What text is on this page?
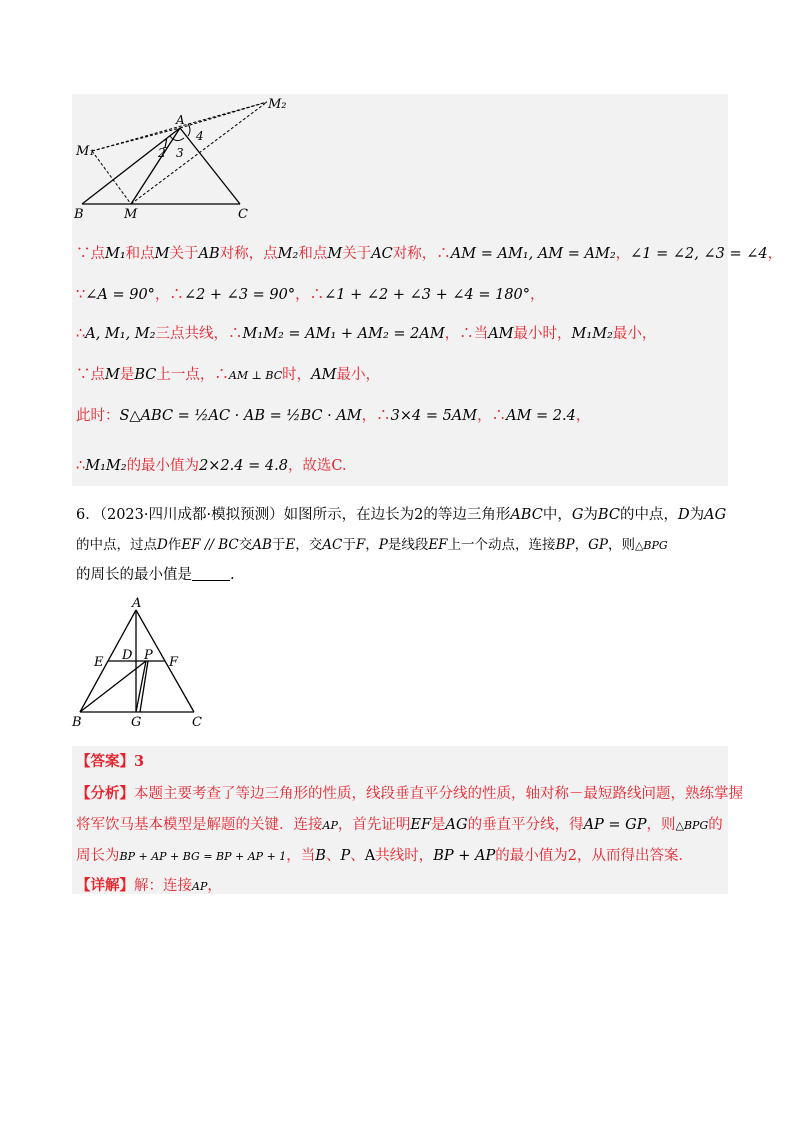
M₂
A
4
M₁	1
2 3
B	M	C
∵点M₁和点M关于AB对称，点M₂和点M关于AC对称，∴AM = AM₁, AM = AM₂，∠1 = ∠2, ∠3 = ∠4，
∵∠A = 90°，∴∠2 + ∠3 = 90°，∴∠1 + ∠2 + ∠3 + ∠4 = 180°，
∴A, M₁, M₂三点共线，∴M₁M₂ = AM₁ + AM₂ = 2AM，∴当AM最小时，M₁M₂最小，
∵点M是BC上一点，∴AM ⊥ BC时，AM最小，
此时：S△ABC = ½AC · AB = ½BC · AM，∴3×4 = 5AM，∴AM = 2.4，
∴M₁M₂的最小值为2×2.4 = 4.8，故选C.
6．（2023·四川成都·模拟预测）如图所示，在边长为2的等边三角形ABC中，G为BC的中点，D为AG
的中点，过点D作EF // BC交AB于E，交AC于F，P是线段EF上一个动点，连接BP，GP，则△BPG
的周长的最小值是	.
A
E D P F
B	G	C
【答案】3
【分析】本题主要考查了等边三角形的性质，线段垂直平分线的性质，轴对称－最短路线问题，熟练掌握
将军饮马基本模型是解题的关键．连接AP，首先证明EF是AG的垂直平分线，得AP = GP，则△BPG的
周长为BP + AP + BG = BP + AP + 1，当B、P、A共线时，BP + AP的最小值为2，从而得出答案．
【详解】解：连接AP，
